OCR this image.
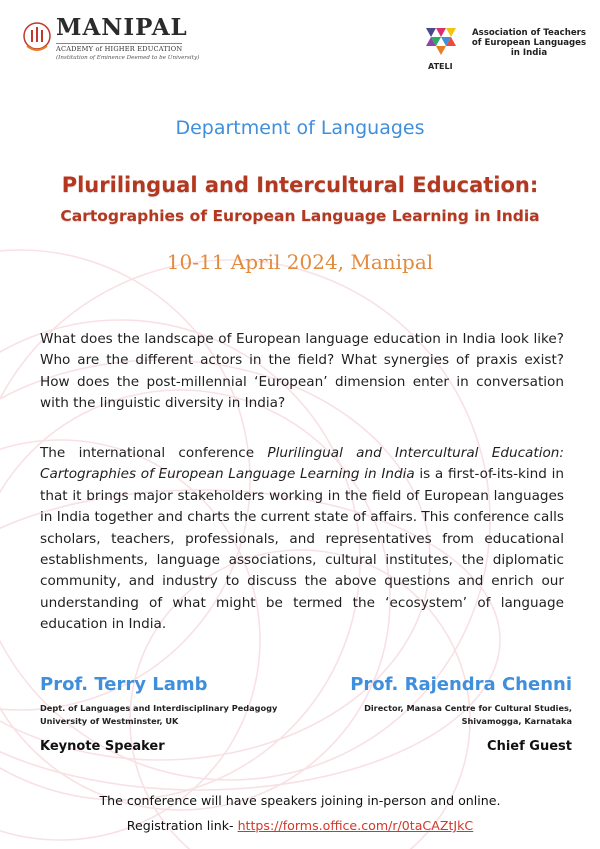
MANIPAL
ACADEMY of HIGHER EDUCATION
(Institution of Eminence Deemed to be University)
ATELI
Association of Teachers
of European Languages
in India
Department of Languages
Plurilingual and Intercultural Education:
Cartographies of European Language Learning in India
10-11 April 2024, Manipal
What does the landscape of European language education in India look like? Who are the different actors in the field? What synergies of praxis exist? How does the post-millennial ‘European’ dimension enter in conversation with the linguistic diversity in India?
The international conference Plurilingual and Intercultural Education: Cartographies of European Language Learning in India is a first-of-its-kind in that it brings major stakeholders working in the field of European languages in India together and charts the current state of affairs. This conference calls scholars, teachers, professionals, and representatives from educational establishments, language associations, cultural institutes, the diplomatic community, and industry to discuss the above questions and enrich our understanding of what might be termed the ‘ecosystem’ of language education in India.
Prof. Terry Lamb
Dept. of Languages and Interdisciplinary Pedagogy
University of Westminster, UK
Keynote Speaker
Prof. Rajendra Chenni
Director, Manasa Centre for Cultural Studies,
Shivamogga, Karnataka
Chief Guest
The conference will have speakers joining in-person and online.
Registration link- https://forms.office.com/r/0taCAZtJkC
